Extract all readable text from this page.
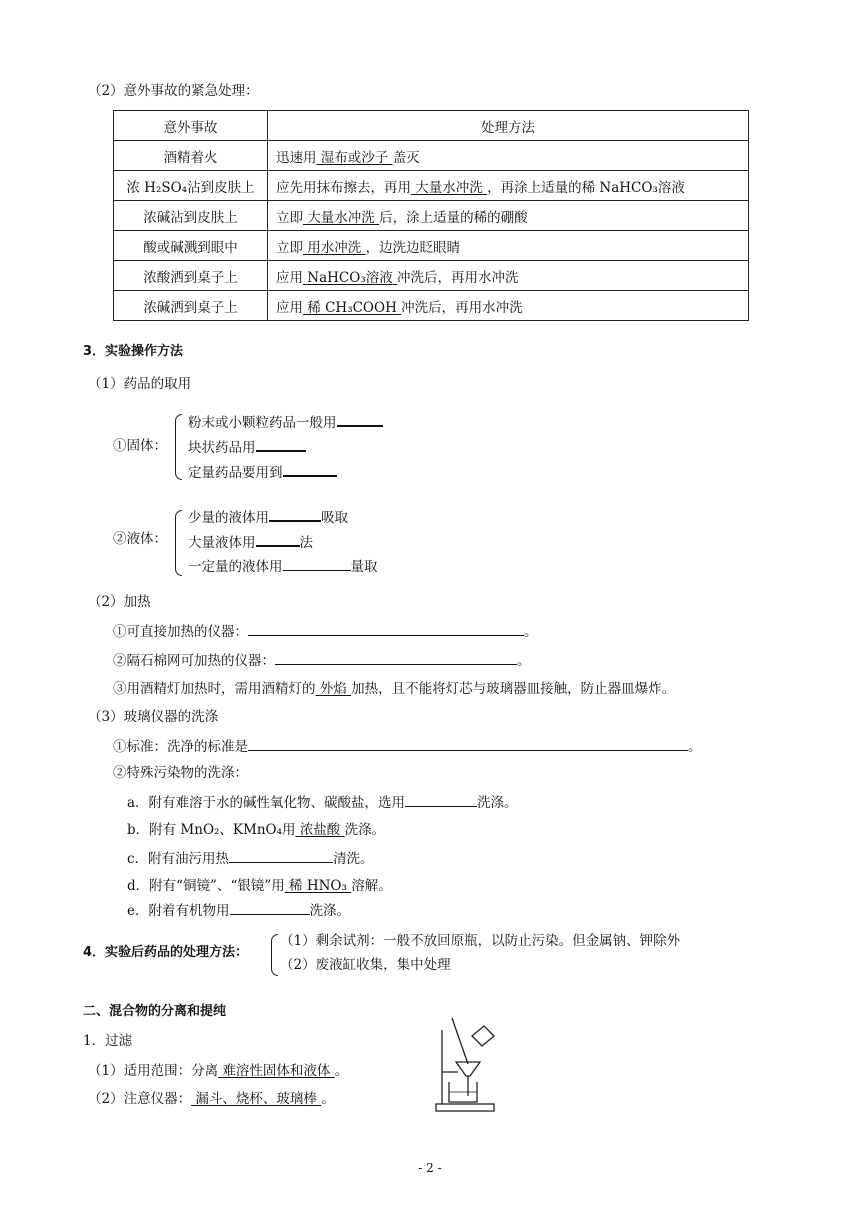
（2）意外事故的紧急处理：
意外事故	处理方法
酒精着火	迅速用 湿布或沙子 盖灭
浓 H₂SO₄沾到皮肤上	应先用抹布擦去，再用 大量水冲洗 ，再涂上适量的稀 NaHCO₃溶液
浓碱沾到皮肤上	立即 大量水冲洗 后，涂上适量的稀的硼酸
酸或碱溅到眼中	立即 用水冲洗 ，边洗边眨眼睛
浓酸洒到桌子上	应用 NaHCO₃溶液 冲洗后，再用水冲洗
浓碱洒到桌子上	应用 稀 CH₃COOH 冲洗后，再用水冲洗
3．实验操作方法
（1）药品的取用
①固体：
粉末或小颗粒药品一般用
块状药品用
定量药品要用到
②液体：
少量的液体用	吸取
大量液体用	法
一定量的液体用	量取
（2）加热
①可直接加热的仪器：	。
②隔石棉网可加热的仪器：	。
③用酒精灯加热时，需用酒精灯的 外焰 加热，且不能将灯芯与玻璃器皿接触，防止器皿爆炸。
（3）玻璃仪器的洗涤
①标准：洗净的标准是	。
②特殊污染物的洗涤：
a．附有难溶于水的碱性氧化物、碳酸盐，选用	洗涤。
b．附有 MnO₂、KMnO₄用 浓盐酸 洗涤。
c．附有油污用热	清洗。
d．附有“铜镜”、“银镜”用 稀 HNO₃ 溶解。
e．附着有机物用	洗涤。
4．实验后药品的处理方法：
（1）剩余试剂：一般不放回原瓶，以防止污染。但金属钠、钾除外
（2）废液缸收集，集中处理
二、混合物的分离和提纯
1．过滤
（1）适用范围：分离 难溶性固体和液体 。
（2）注意仪器： 漏斗、烧杯、玻璃棒 。
- 2 -
